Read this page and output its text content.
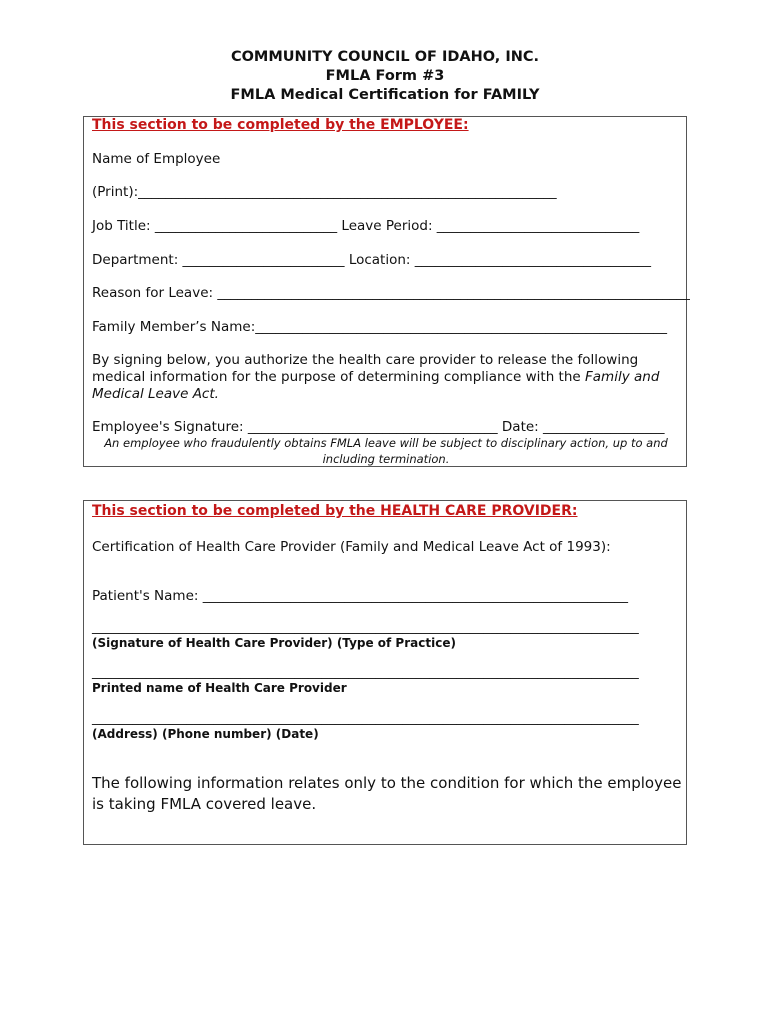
COMMUNITY COUNCIL OF IDAHO, INC.
FMLA Form #3
FMLA Medical Certification for FAMILY
This section to be completed by the EMPLOYEE:
Name of Employee
(Print):______________________________________________________________
Job Title: ___________________________ Leave Period: ______________________________
Department: ________________________ Location: ___________________________________
Reason for Leave: ______________________________________________________________________
Family Member’s Name:_____________________________________________________________
By signing below, you authorize the health care provider to release the following medical information for the purpose of determining compliance with the Family and Medical Leave Act.
Employee's Signature: _____________________________________ Date: __________________
An employee who fraudulently obtains FMLA leave will be subject to disciplinary action, up to and including termination.
This section to be completed by the HEALTH CARE PROVIDER:
Certification of Health Care Provider (Family and Medical Leave Act of 1993):
Patient's Name: _______________________________________________________________
_________________________________________________________________________________
(Signature of Health Care Provider) (Type of Practice)
_________________________________________________________________________________
Printed name of Health Care Provider
_________________________________________________________________________________
(Address) (Phone number) (Date)
The following information relates only to the condition for which the employee is taking FMLA covered leave.
